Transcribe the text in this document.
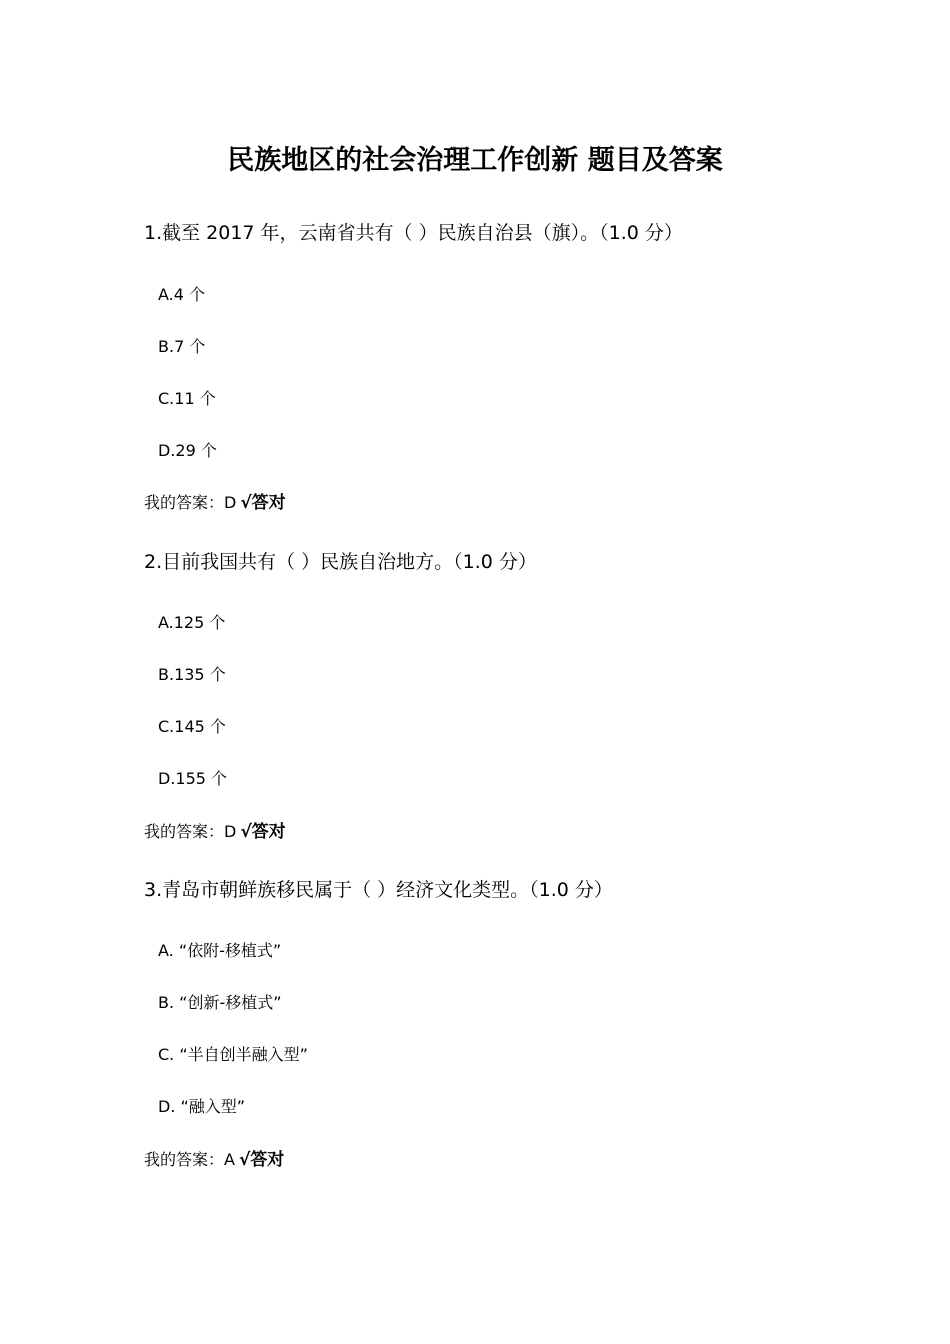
民族地区的社会治理工作创新 题目及答案
1.截至 2017 年，云南省共有（ ）民族自治县（旗）。（1.0 分）
A.4 个
B.7 个
C.11 个
D.29 个
我的答案：D √答对
2.目前我国共有（ ）民族自治地方。（1.0 分）
A.125 个
B.135 个
C.145 个
D.155 个
我的答案：D √答对
3.青岛市朝鲜族移民属于（ ）经济文化类型。（1.0 分）
A. “依附-移植式”
B. “创新-移植式”
C. “半自创半融入型”
D. “融入型”
我的答案：A √答对
